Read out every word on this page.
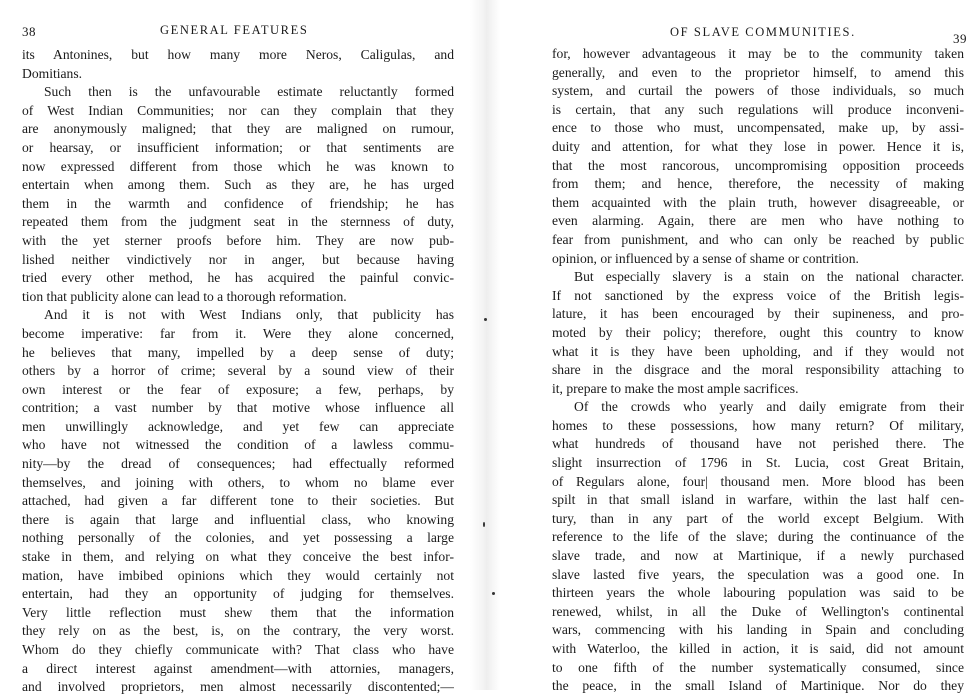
38	GENERAL FEATURES
its Antonines, but how many more Neros, Caligulas, and
Domitians.
Such then is the unfavourable estimate reluctantly formed
of West Indian Communities; nor can they complain that they
are anonymously maligned; that they are maligned on rumour,
or hearsay, or insufficient information; or that sentiments are
now expressed different from those which he was known to
entertain when among them. Such as they are, he has urged
them in the warmth and confidence of friendship; he has
repeated them from the judgment seat in the sternness of duty,
with the yet sterner proofs before him. They are now pub-
lished neither vindictively nor in anger, but because having
tried every other method, he has acquired the painful convic-
tion that publicity alone can lead to a thorough reformation.
And it is not with West Indians only, that publicity has
become imperative: far from it. Were they alone concerned,
he believes that many, impelled by a deep sense of duty;
others by a horror of crime; several by a sound view of their
own interest or the fear of exposure; a few, perhaps, by
contrition; a vast number by that motive whose influence all
men unwillingly acknowledge, and yet few can appreciate
who have not witnessed the condition of a lawless commu-
nity—by the dread of consequences; had effectually reformed
themselves, and joining with others, to whom no blame ever
attached, had given a far different tone to their societies. But
there is again that large and influential class, who knowing
nothing personally of the colonies, and yet possessing a large
stake in them, and relying on what they conceive the best infor-
mation, have imbibed opinions which they would certainly not
entertain, had they an opportunity of judging for themselves.
Very little reflection must shew them that the information
they rely on as the best, is, on the contrary, the very worst.
Whom do they chiefly communicate with? That class who have
a direct interest against amendment—with attornies, managers,
and involved proprietors, men almost necessarily discontented;—
OF SLAVE COMMUNITIES.	39
for, however advantageous it may be to the community taken
generally, and even to the proprietor himself, to amend this
system, and curtail the powers of those individuals, so much
is certain, that any such regulations will produce inconveni-
ence to those who must, uncompensated, make up, by assi-
duity and attention, for what they lose in power. Hence it is,
that the most rancorous, uncompromising opposition proceeds
from them; and hence, therefore, the necessity of making
them acquainted with the plain truth, however disagreeable, or
even alarming. Again, there are men who have nothing to
fear from punishment, and who can only be reached by public
opinion, or influenced by a sense of shame or contrition.
But especially slavery is a stain on the national character.
If not sanctioned by the express voice of the British legis-
lature, it has been encouraged by their supineness, and pro-
moted by their policy; therefore, ought this country to know
what it is they have been upholding, and if they would not
share in the disgrace and the moral responsibility attaching to
it, prepare to make the most ample sacrifices.
Of the crowds who yearly and daily emigrate from their
homes to these possessions, how many return? Of military,
what hundreds of thousand have not perished there. The
slight insurrection of 1796 in St. Lucia, cost Great Britain,
of Regulars alone, four| thousand men. More blood has been
spilt in that small island in warfare, within the last half cen-
tury, than in any part of the world except Belgium. With
reference to the life of the slave; during the continuance of the
slave trade, and now at Martinique, if a newly purchased
slave lasted five years, the speculation was a good one. In
thirteen years the whole labouring population was said to be
renewed, whilst, in all the Duke of Wellington's continental
wars, commencing with his landing in Spain and concluding
with Waterloo, the killed in action, it is said, did not amount
to one fifth of the number systematically consumed, since
the peace, in the small Island of Martinique. Nor do they
